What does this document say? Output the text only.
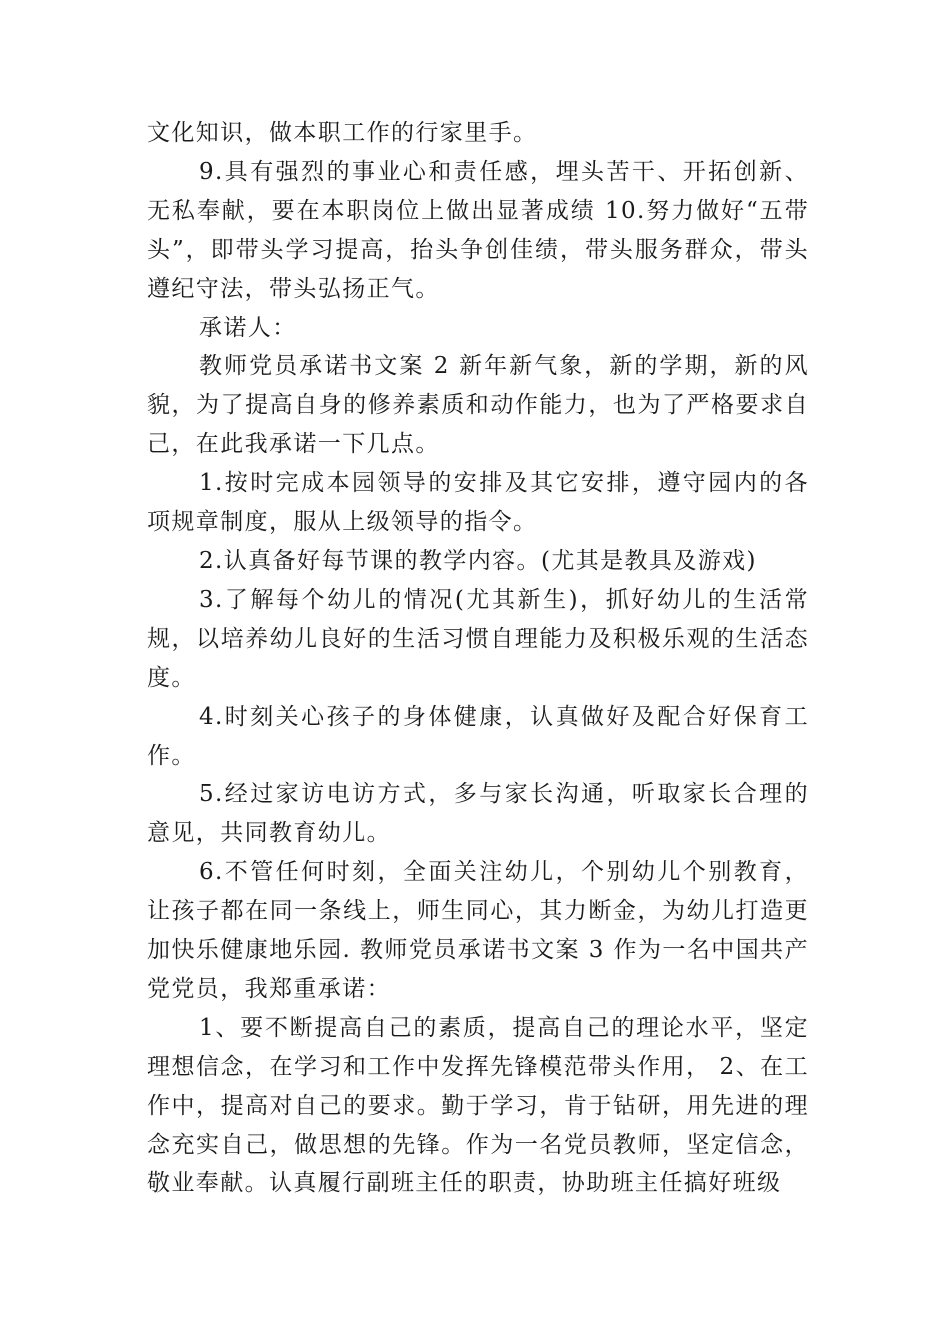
文化知识，做本职工作的行家里手。

9.具有强烈的事业心和责任感，埋头苦干、开拓创新、无私奉献，要在本职岗位上做出显著成绩 10.努力做好“五带头”，即带头学习提高，抬头争创佳绩，带头服务群众，带头遵纪守法，带头弘扬正气。

承诺人：

教师党员承诺书文案 2 新年新气象，新的学期，新的风貌，为了提高自身的修养素质和动作能力，也为了严格要求自己，在此我承诺一下几点。

1.按时完成本园领导的安排及其它安排，遵守园内的各项规章制度，服从上级领导的指令。

2.认真备好每节课的教学内容。(尤其是教具及游戏)

3.了解每个幼儿的情况(尤其新生)，抓好幼儿的生活常规，以培养幼儿良好的生活习惯自理能力及积极乐观的生活态度。

4.时刻关心孩子的身体健康，认真做好及配合好保育工作。

5.经过家访电访方式，多与家长沟通，听取家长合理的意见，共同教育幼儿。

6.不管任何时刻，全面关注幼儿，个别幼儿个别教育，让孩子都在同一条线上，师生同心，其力断金，为幼儿打造更加快乐健康地乐园. 教师党员承诺书文案 3 作为一名中国共产党党员，我郑重承诺：

1、要不断提高自己的素质，提高自己的理论水平，坚定理想信念，在学习和工作中发挥先锋模范带头作用， 2、在工作中，提高对自己的要求。勤于学习，肯于钻研，用先进的理念充实自己，做思想的先锋。作为一名党员教师，坚定信念，敬业奉献。认真履行副班主任的职责，协助班主任搞好班级
